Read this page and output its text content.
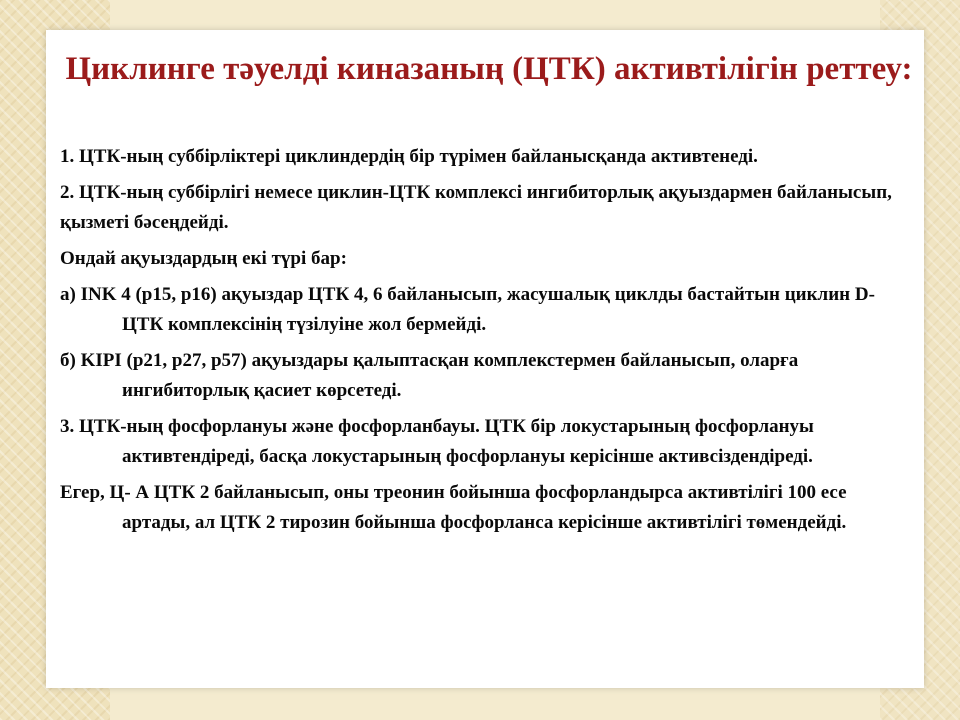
Циклинге тәуелді киназаның (ЦТК) активтілігін реттеу:

1. ЦТК-ның суббірліктері циклиндердің бір түрімен байланысқанда активтенеді.

2. ЦТК-ның суббірлігі немесе циклин-ЦТК комплексі ингибиторлық ақуыздармен байланысып, қызметі бәсеңдейді.

Ондай ақуыздардың екі түрі бар:

а) INK 4 (p15, p16) ақуыздар ЦТК 4, 6 байланысып, жасушалық циклды бастайтын циклин D-ЦТК комплексінің түзілуіне жол бермейді.

б) KIPI (p21, p27, p57) ақуыздары қалыптасқан комплекстермен байланысып, оларға ингибиторлық қасиет көрсетеді.

3. ЦТК-ның фосфорлануы және фосфорланбауы. ЦТК бір локустарының фосфорлануы активтендіреді, басқа локустарының фосфорлануы керісінше активсіздендіреді.

Егер, Ц- А ЦТК 2 байланысып, оны треонин бойынша фосфорландырса активтілігі 100 есе артады, ал ЦТК 2 тирозин бойынша фосфорланса керісінше активтілігі төмендейді.
